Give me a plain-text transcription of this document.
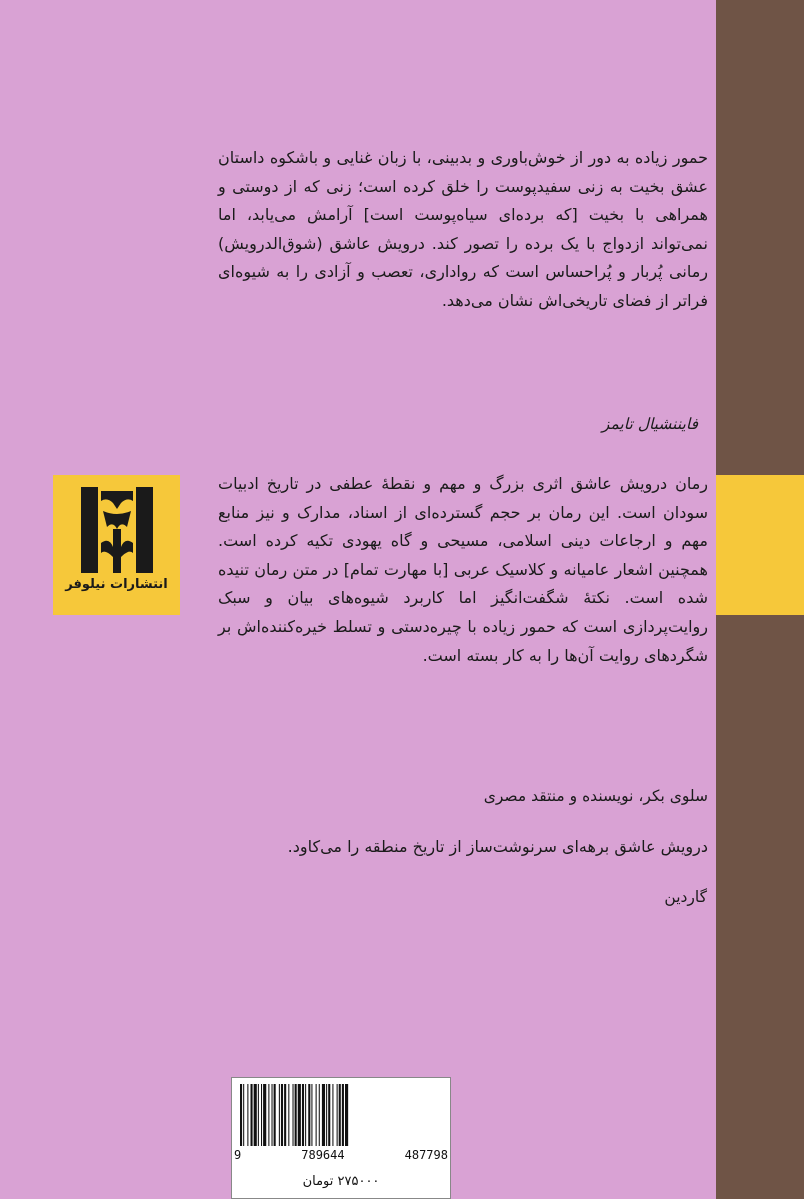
انتشارات نیلوفر

حمور زیاده به دور از خوش‌باوری و بدبینی، با زبان غنایی و باشکوه داستان عشق بخیت به زنی سفیدپوست را خلق کرده است؛ زنی که از دوستی و همراهی با بخیت [که برده‌ای سیاه‌پوست است] آرامش می‌یابد، اما نمی‌تواند ازدواج با یک برده را تصور کند. درویش عاشق (شوق‌الدرویش) رمانی پُربار و پُراحساس است که رواداری، تعصب و آزادی را به شیوه‌ای فراتر از فضای تاریخی‌اش نشان می‌دهد.

فایننشیال تایمز

رمان درویش عاشق اثری بزرگ و مهم و نقطهٔ عطفی در تاریخ ادبیات سودان است. این رمان بر حجم گسترده‌ای از اسناد، مدارک و نیز منابع مهم و ارجاعات دینی اسلامی، مسیحی و گاه یهودی تکیه کرده است. همچنین اشعار عامیانه و کلاسیک عربی [با مهارت تمام] در متن رمان تنیده شده است. نکتهٔ شگفت‌انگیز اما کاربرد شیوه‌های بیان و سبک روایت‌پردازی است که حمور زیاده با چیره‌دستی و تسلط خیره‌کننده‌اش بر شگردهای روایت آن‌ها را به کار بسته است.

سلوی بکر، نویسنده و منتقد مصری

درویش عاشق برهه‌ای سرنوشت‌ساز از تاریخ منطقه را می‌کاود.

گاردین
9	789644	487798
۲۷۵۰۰۰ تومان
